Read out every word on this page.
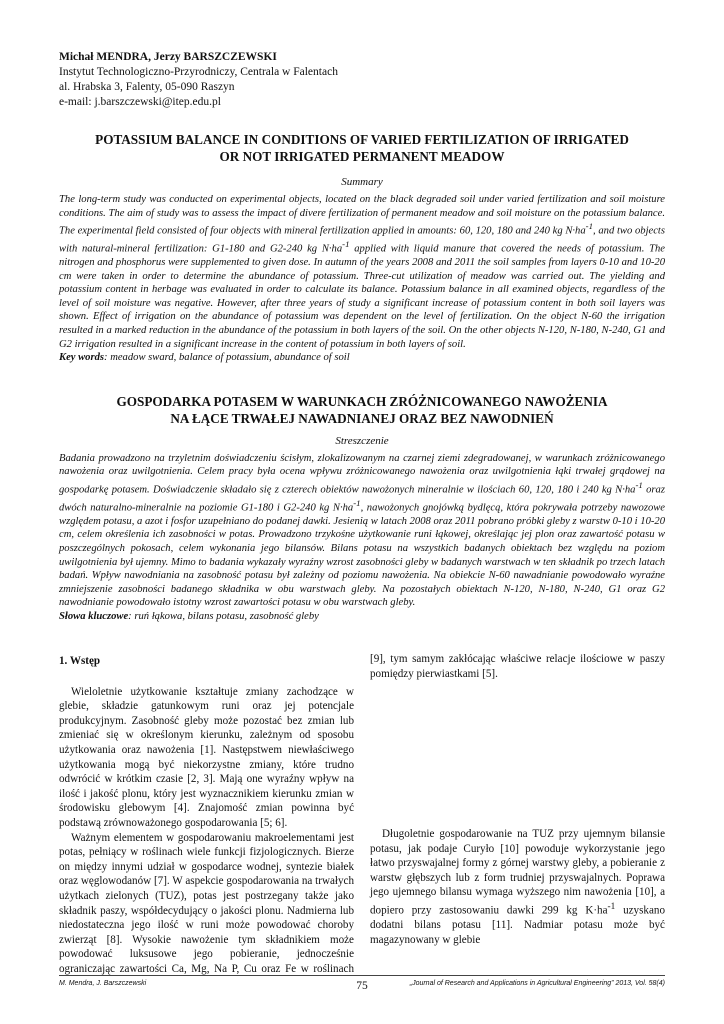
Michał MENDRA, Jerzy BARSZCZEWSKI
Instytut Technologiczno-Przyrodniczy, Centrala w Falentach
al. Hrabska 3, Falenty, 05-090 Raszyn
e-mail: j.barszczewski@itep.edu.pl
POTASSIUM BALANCE IN CONDITIONS OF VARIED FERTILIZATION OF IRRIGATED
OR NOT IRRIGATED PERMANENT MEADOW
Summary
The long-term study was conducted on experimental objects, located on the black degraded soil under varied fertilization and soil moisture conditions. The aim of study was to assess the impact of divere fertilization of permanent meadow and soil moisture on the potassium balance. The experimental field consisted of four objects with mineral fertilization applied in amounts: 60, 120, 180 and 240 kg $N\cdot ha^{-1}$, and two objects with natural-mineral fertilization: G1-180 and G2-240 kg $N\cdot ha^{-1}$ applied with liquid manure that covered the needs of potassium. The nitrogen and phosphorus were supplemented to given dose. In autumn of the years 2008 and 2011 the soil samples from layers 0-10 and 10-20 cm were taken in order to determine the abundance of potassium. Three-cut utilization of meadow was carried out. The yielding and potassium content in herbage was evaluated in order to calculate its balance. Potassium balance in all examined objects, regardless of the level of soil moisture was negative. However, after three years of study a significant increase of potassium content in both soil layers was shown. Effect of irrigation on the abundance of potassium was dependent on the level of fertilization. On the object N-60 the irrigation resulted in a marked reduction in the abundance of the potassium in both layers of the soil. On the other objects N-120, N-180, N-240, G1 and G2 irrigation resulted in a significant increase in the content of potassium in both layers of soil.
Key words: meadow sward, balance of potassium, abundance of soil
GOSPODARKA POTASEM W WARUNKACH ZRÓŻNICOWANEGO NAWOŻENIA
NA ŁĄCE TRWAŁEJ NAWADNIANEJ ORAZ BEZ NAWODNIEŃ
Streszczenie
Badania prowadzono na trzyletnim doświadczeniu ścisłym, zlokalizowanym na czarnej ziemi zdegradowanej, w warunkach zróżnicowanego nawożenia oraz uwilgotnienia. Celem pracy była ocena wpływu zróżnicowanego nawożenia oraz uwilgotnienia łąki trwałej grądowej na gospodarkę potasem. Doświadczenie składało się z czterech obiektów nawożonych mineralnie w ilościach 60, 120, 180 i 240 kg $N\cdot ha^{-1}$ oraz dwóch naturalno-mineralnie na poziomie G1-180 i G2-240 kg $N\cdot ha^{-1}$, nawożonych gnojówką bydlęcą, która pokrywała potrzeby nawozowe względem potasu, a azot i fosfor uzupełniano do podanej dawki. Jesienią w latach 2008 oraz 2011 pobrano próbki gleby z warstw 0-10 i 10-20 cm, celem określenia ich zasobności w potas. Prowadzono trzykośne użytkowanie runi łąkowej, określając jej plon oraz zawartość potasu w poszczególnych pokosach, celem wykonania jego bilansów. Bilans potasu na wszystkich badanych obiektach bez względu na poziom uwilgotnienia był ujemny. Mimo to badania wykazały wyraźny wzrost zasobności gleby w badanych warstwach w ten składnik po trzech latach badań. Wpływ nawodniania na zasobność potasu był zależny od poziomu nawożenia. Na obiekcie N-60 nawadnianie powodowało wyraźne zmniejszenie zasobności badanego składnika w obu warstwach gleby. Na pozostałych obiektach N-120, N-180, N-240, G1 oraz G2 nawodnianie powodowało istotny wzrost zawartości potasu w obu warstwach gleby.
Słowa kluczowe: ruń łąkowa, bilans potasu, zasobność gleby

1. Wstęp

Wieloletnie użytkowanie kształtuje zmiany zachodzące w glebie, składzie gatunkowym runi oraz jej potencjale produkcyjnym. Zasobność gleby może pozostać bez zmian lub zmieniać się w określonym kierunku, zależnym od sposobu użytkowania oraz nawożenia [1]. Następstwem niewłaściwego użytkowania mogą być niekorzystne zmiany, które trudno odwrócić w krótkim czasie [2, 3]. Mają one wyraźny wpływ na ilość i jakość plonu, który jest wyznacznikiem kierunku zmian w środowisku glebowym [4]. Znajomość zmian powinna być podstawą zrównoważonego gospodarowania [5; 6].

Ważnym elementem w gospodarowaniu makroelementami jest potas, pełniący w roślinach wiele funkcji fizjologicznych. Bierze on między innymi udział w gospodarce wodnej, syntezie białek oraz węglowodanów [7]. W aspekcie gospodarowania na trwałych użytkach zielonych (TUZ), potas jest postrzegany także jako składnik paszy, współdecydujący o jakości plonu. Nadmierna lub niedostateczna jego ilość w runi może powodować choroby zwierząt [8]. Wysokie nawożenie tym składnikiem może powodować luksusowe jego pobieranie, jednocześnie ograniczając zawartości Ca, Mg, Na P, Cu oraz Fe w roślinach

[9], tym samym zakłócając właściwe relacje ilościowe w paszy pomiędzy pierwiastkami [5].

Długoletnie gospodarowanie na TUZ przy ujemnym bilansie potasu, jak podaje Curyło [10] powoduje wykorzystanie jego łatwo przyswajalnej formy z górnej warstwy gleby, a pobieranie z warstw głębszych lub z form trudniej przyswajalnych. Poprawa jego ujemnego bilansu wymaga wyższego nim nawożenia [10], a dopiero przy zastosowaniu dawki 299 kg $K\cdot ha^{-1}$ uzyskano dodatni bilans potasu [11]. Nadmiar potasu może być magazynowany w glebie

M. Mendra, J. Barszczewski	75	„Journal of Research and Applications in Agricultural Engineering” 2013, Vol. 58(4)
